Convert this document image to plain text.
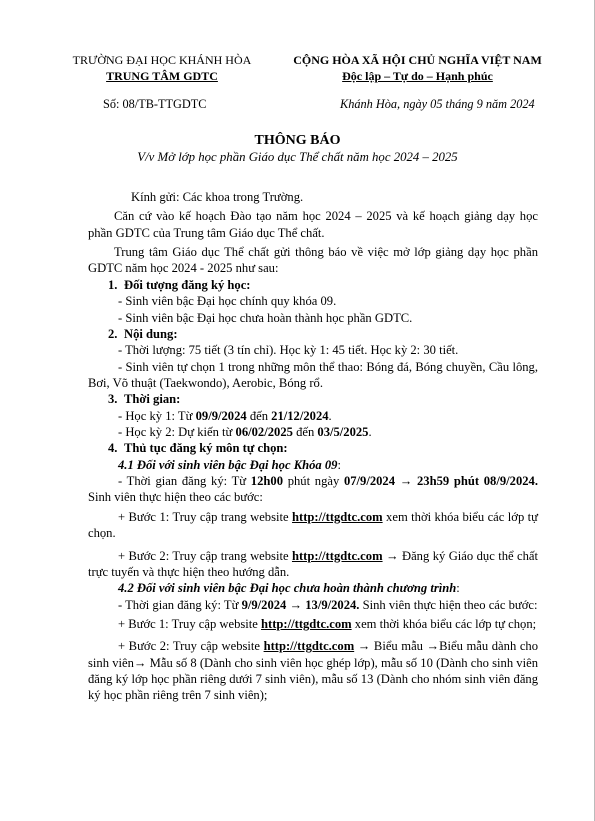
TRƯỜNG ĐẠI HỌC KHÁNH HÒA
TRUNG TÂM GDTC
CỘNG HÒA XÃ HỘI CHỦ NGHĨA VIỆT NAM
Độc lập – Tự do – Hạnh phúc
Số: 08/TB-TTGDTC	Khánh Hòa, ngày 05 tháng 9 năm 2024
THÔNG BÁO
V/v Mở lớp học phần Giáo dục Thể chất năm học 2024 – 2025

Kính gửi: Các khoa trong Trường.

Căn cứ vào kế hoạch Đào tạo năm học 2024 – 2025 và kế hoạch giảng dạy học phần GDTC của Trung tâm Giáo dục Thể chất.

Trung tâm Giáo dục Thể chất gửi thông báo về việc mở lớp giảng dạy học phần GDTC năm học 2024 - 2025 như sau:

1. Đối tượng đăng ký học:

- Sinh viên bậc Đại học chính quy khóa 09.

- Sinh viên bậc Đại học chưa hoàn thành học phần GDTC.

2. Nội dung:

- Thời lượng: 75 tiết (3 tín chỉ). Học kỳ 1: 45 tiết. Học kỳ 2: 30 tiết.

- Sinh viên tự chọn 1 trong những môn thể thao: Bóng đá, Bóng chuyền, Cầu lông, Bơi, Võ thuật (Taekwondo), Aerobic, Bóng rổ.

3. Thời gian:

- Học kỳ 1: Từ 09/9/2024 đến 21/12/2024.

- Học kỳ 2: Dự kiến từ 06/02/2025 đến 03/5/2025.

4. Thủ tục đăng ký môn tự chọn:

4.1 Đối với sinh viên bậc Đại học Khóa 09:

- Thời gian đăng ký: Từ 12h00 phút ngày 07/9/2024 → 23h59 phút 08/9/2024. Sinh viên thực hiện theo các bước:

+ Bước 1: Truy cập trang website http://ttgdtc.com xem thời khóa biểu các lớp tự chọn.

+ Bước 2: Truy cập trang website http://ttgdtc.com → Đăng ký Giáo dục thể chất trực tuyến và thực hiện theo hướng dẫn.

4.2 Đối với sinh viên bậc Đại học chưa hoàn thành chương trình:

- Thời gian đăng ký: Từ 9/9/2024 → 13/9/2024. Sinh viên thực hiện theo các bước:

+ Bước 1: Truy cập website http://ttgdtc.com xem thời khóa biểu các lớp tự chọn;

+ Bước 2: Truy cập website http://ttgdtc.com → Biểu mẫu →Biểu mẫu dành cho sinh viên→ Mẫu số 8 (Dành cho sinh viên học ghép lớp), mẫu số 10 (Dành cho sinh viên đăng ký lớp học phần riêng dưới 7 sinh viên), mẫu số 13 (Dành cho nhóm sinh viên đăng ký học phần riêng trên 7 sinh viên);
